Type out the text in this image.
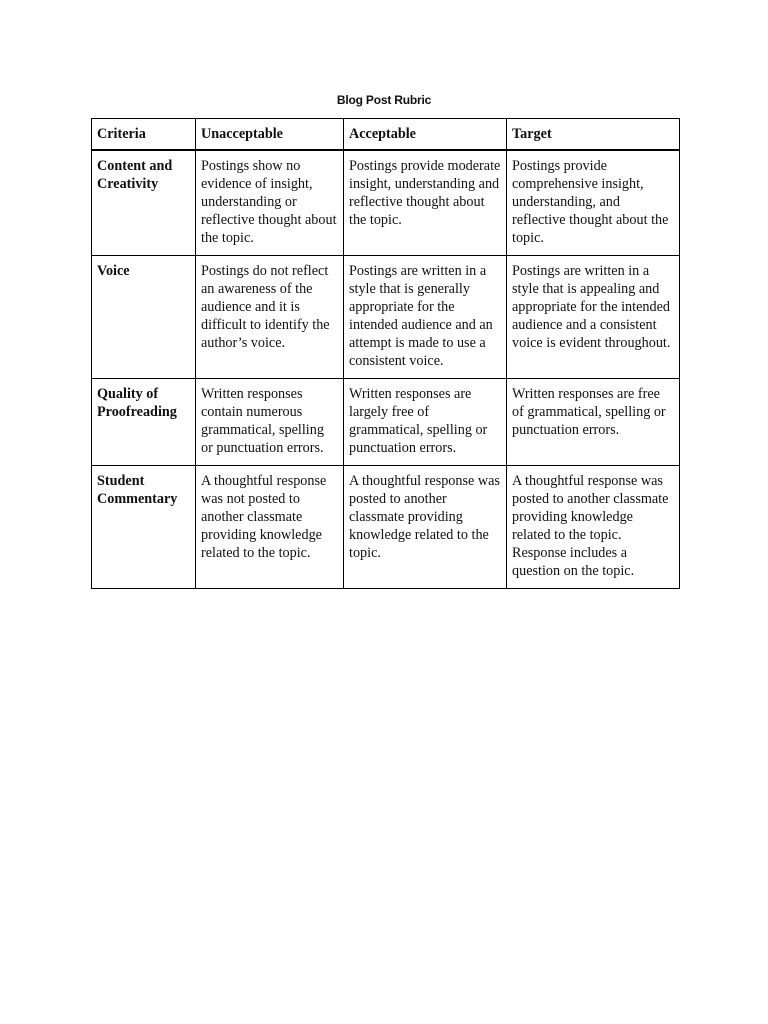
Blog Post Rubric
Criteria	Unacceptable	Acceptable	Target
Content and Creativity	Postings show no evidence of insight, understanding or reflective thought about the topic.	Postings provide moderate insight, understanding and reflective thought about the topic.	Postings provide comprehensive insight, understanding, and reflective thought about the topic.
Voice	Postings do not reflect an awareness of the audience and it is difficult to identify the author’s voice.	Postings are written in a style that is generally appropriate for the intended audience and an attempt is made to use a consistent voice.	Postings are written in a style that is appealing and appropriate for the intended audience and a consistent voice is evident throughout.
Quality of Proofreading	Written responses contain numerous grammatical, spelling or punctuation errors.	Written responses are largely free of grammatical, spelling or punctuation errors.	Written responses are free of grammatical, spelling or punctuation errors.
Student Commentary	A thoughtful response was not posted to another classmate providing knowledge related to the topic.	A thoughtful response was posted to another classmate providing knowledge related to the topic.	A thoughtful response was posted to another classmate providing knowledge related to the topic. Response includes a question on the topic.
